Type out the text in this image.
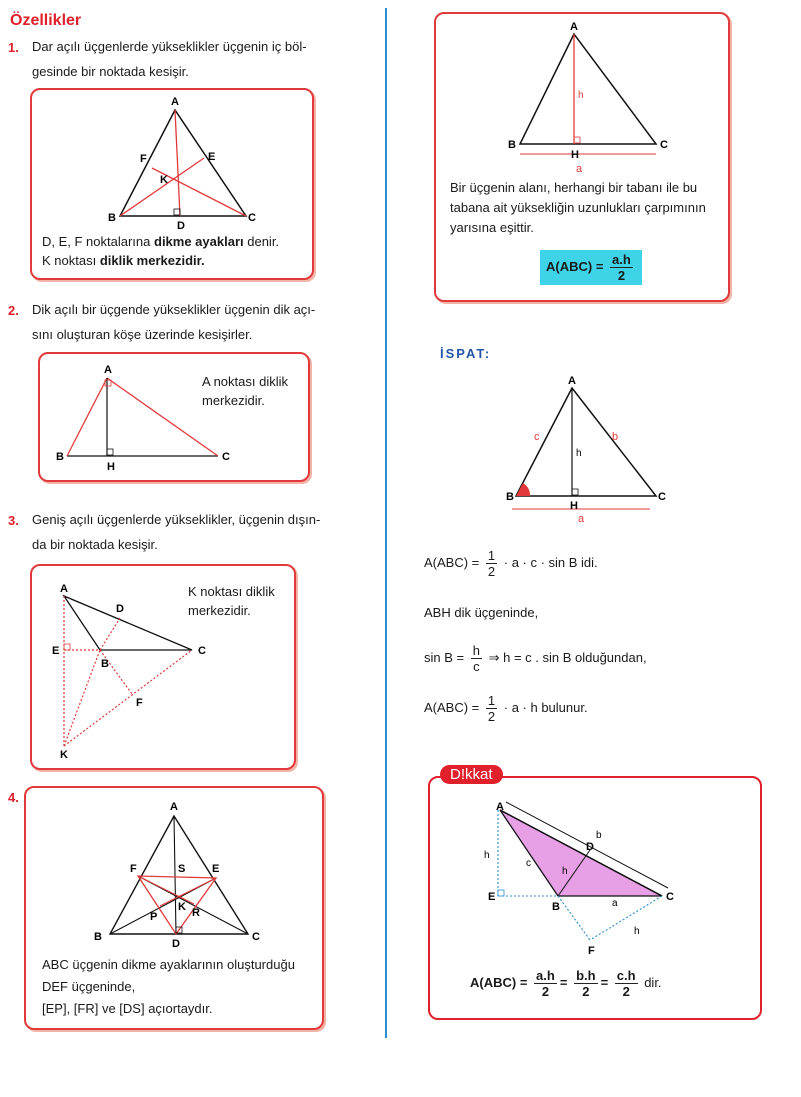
Özellikler
1. Dar açılı üçgenlerde yükseklikler üçgenin iç böl-
gesinde bir noktada kesişir.
A
B	C
D
E
F
K
D, E, F noktalarına dikme ayakları denir.
K noktası diklik merkezidir.
2. Dik açılı bir üçgende yükseklikler üçgenin dik açı-
sını oluşturan köşe üzerinde kesişirler.
A
B	C
H
A noktası diklik
merkezidir.
3. Geniş açılı üçgenlerde yükseklikler, üçgenin dışın-
da bir noktada kesişir.
A
B
C
D
E
F
K
K noktası diklik
merkezidir.
4.
A
B	C
D
E
F	S
K
P	R
ABC üçgenin dikme ayaklarının oluşturduğu
DEF üçgeninde,
[EP], [FR] ve [DS] açıortaydır.
A
B	C
H
a
h
Bir üçgenin alanı, herhangi bir tabanı ile bu
tabana ait yüksekliğin uzunlukları çarpımının
yarısına eşittir.
$A(ABC) = \frac{a.h}{2}$
İSPAT:
A
B	C
H
a
b
c
h
$A(ABC) = \frac{1}{2} \cdot a \cdot c \cdot \sin B$ idi.
ABH dik üçgeninde,
$\sin B = \frac{h}{c}$ ⇒ h = c . sin B olduğundan,
$A(ABC) = \frac{1}{2} \cdot a \cdot h$ bulunur.
D!kkat
A
B
C
D
E
F
a
b
c
h
h
h
$A(ABC) = \frac{a.h}{2} = \frac{b.h}{2} = \frac{c.h}{2}$ dir.
